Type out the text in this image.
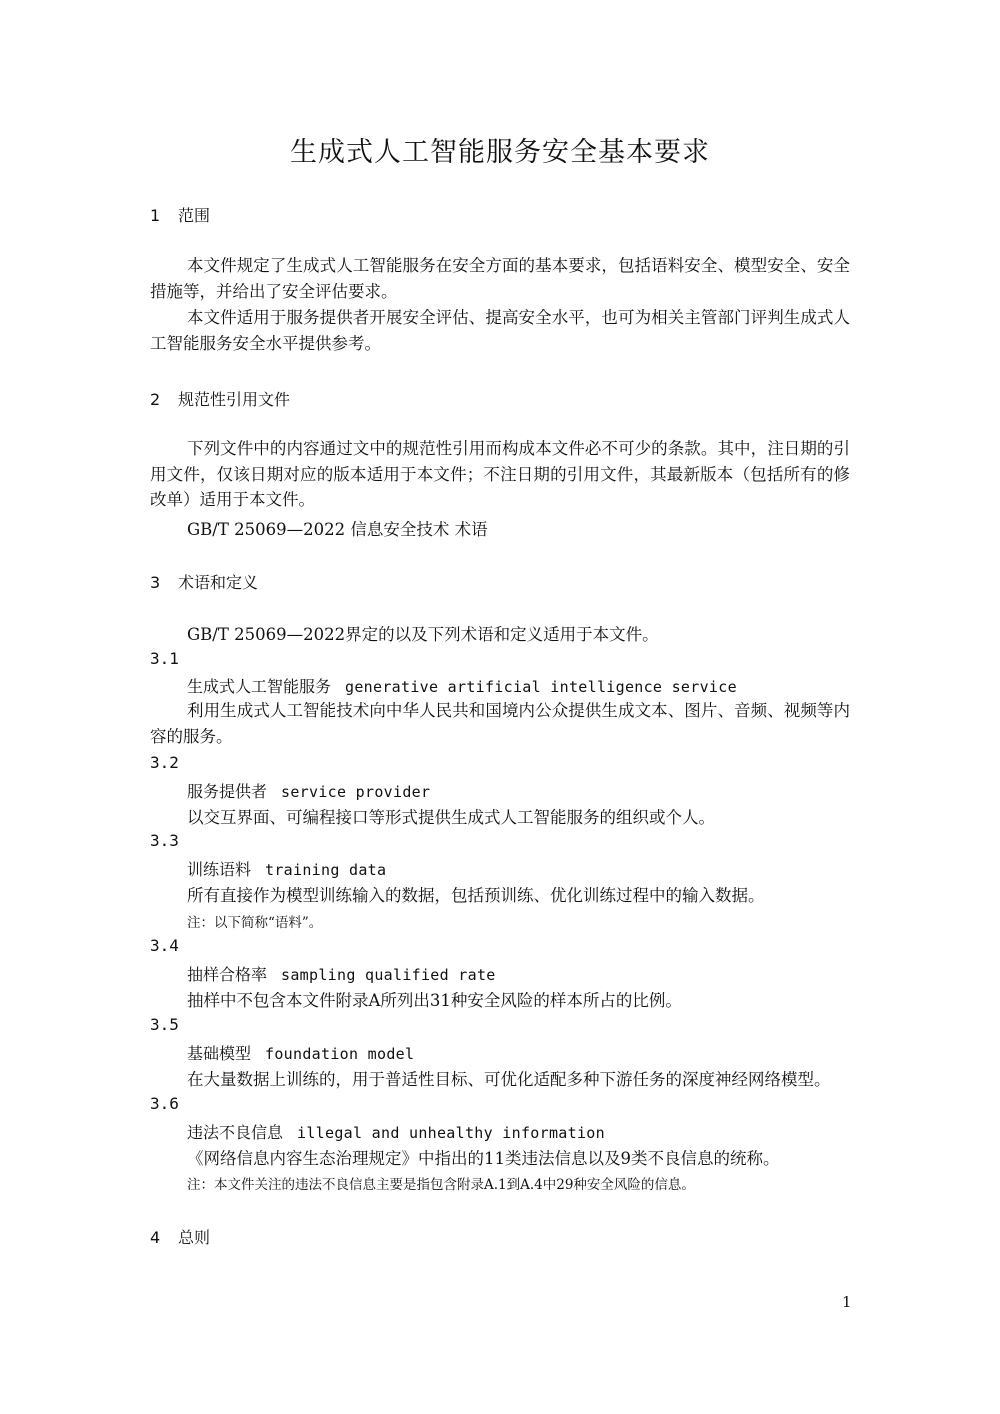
生成式人工智能服务安全基本要求
1 范围
本文件规定了生成式人工智能服务在安全方面的基本要求，包括语料安全、模型安全、安全措施等，并给出了安全评估要求。
本文件适用于服务提供者开展安全评估、提高安全水平，也可为相关主管部门评判生成式人工智能服务安全水平提供参考。
2 规范性引用文件
下列文件中的内容通过文中的规范性引用而构成本文件必不可少的条款。其中，注日期的引用文件，仅该日期对应的版本适用于本文件；不注日期的引用文件，其最新版本（包括所有的修改单）适用于本文件。
GB/T 25069—2022 信息安全技术 术语
3 术语和定义
GB/T 25069—2022界定的以及下列术语和定义适用于本文件。
3.1
生成式人工智能服务 generative artificial intelligence service
利用生成式人工智能技术向中华人民共和国境内公众提供生成文本、图片、音频、视频等内容的服务。
3.2
服务提供者 service provider
以交互界面、可编程接口等形式提供生成式人工智能服务的组织或个人。
3.3
训练语料 training data
所有直接作为模型训练输入的数据，包括预训练、优化训练过程中的输入数据。
注：以下简称“语料”。
3.4
抽样合格率 sampling qualified rate
抽样中不包含本文件附录A所列出31种安全风险的样本所占的比例。
3.5
基础模型 foundation model
在大量数据上训练的，用于普适性目标、可优化适配多种下游任务的深度神经网络模型。
3.6
违法不良信息 illegal and unhealthy information
《网络信息内容生态治理规定》中指出的11类违法信息以及9类不良信息的统称。
注：本文件关注的违法不良信息主要是指包含附录A.1到A.4中29种安全风险的信息。
4 总则
1
